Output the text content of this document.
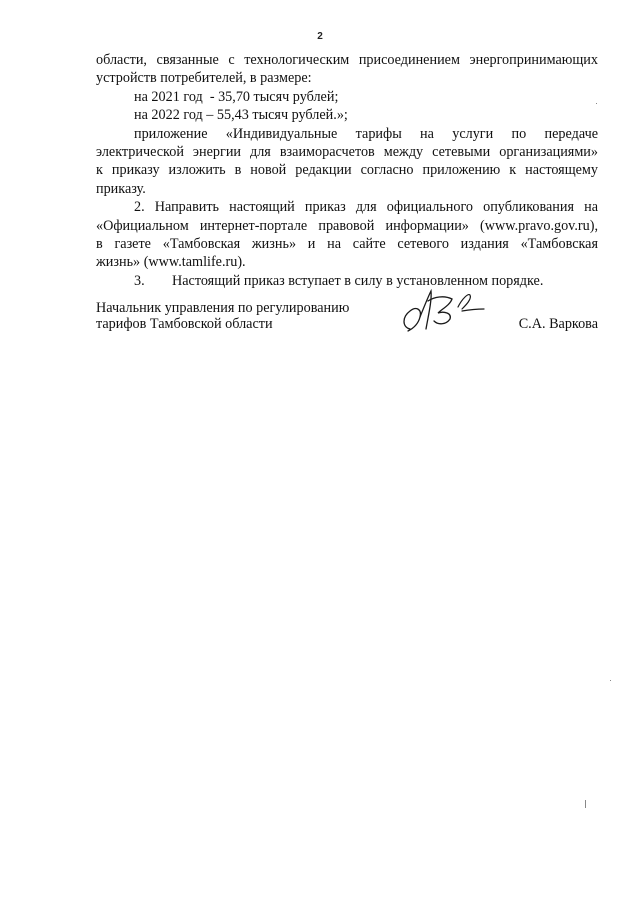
2
области, связанные с технологическим присоединением энергопринимающих
устройств потребителей, в размере:
на 2021 год  - 35,70 тысяч рублей;
на 2022 год – 55,43 тысяч рублей.»;
приложение «Индивидуальные тарифы на услуги по передаче
электрической энергии для взаиморасчетов между сетевыми организациями»
к приказу изложить в новой редакции согласно приложению к настоящему
приказу.
2. Направить настоящий приказ для официального опубликования на
«Официальном интернет-портале правовой информации» (www.pravo.gov.ru),
в газете «Тамбовская жизнь» и на сайте сетевого издания «Тамбовская
жизнь» (www.tamlife.ru).
3. Настоящий приказ вступает в силу в установленном порядке.
Начальник управления по регулированию
тарифов Тамбовской области	С.А. Варкова
